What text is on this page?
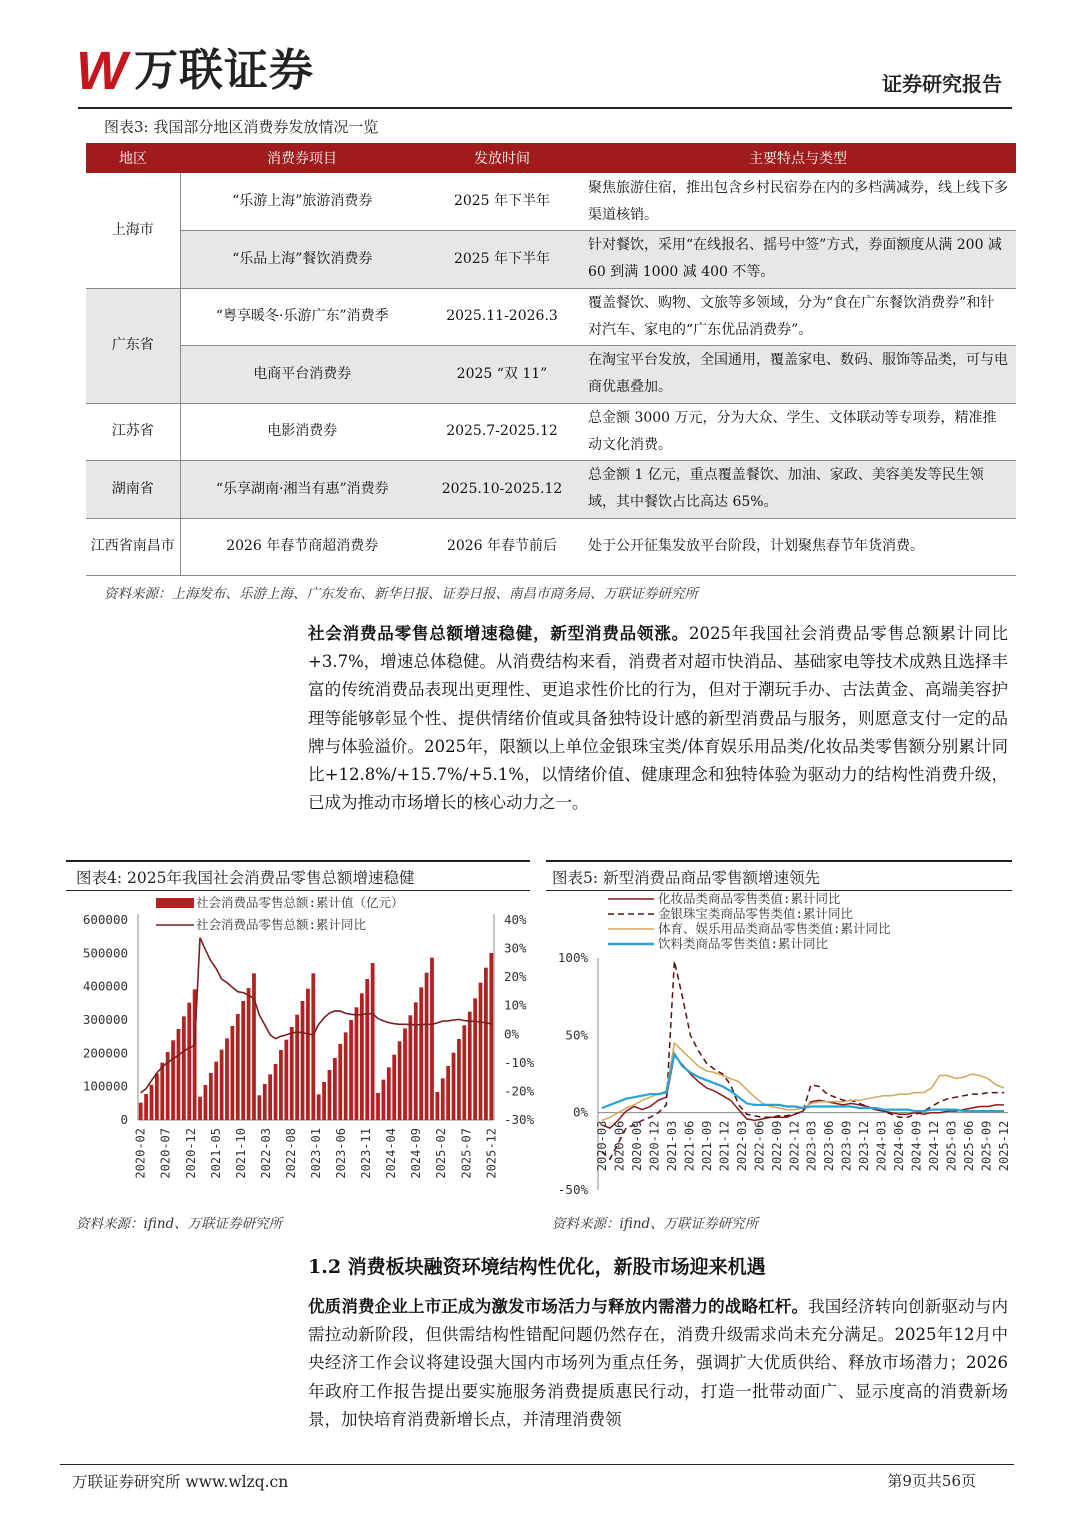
W 万联证券	证券研究报告
图表3: 我国部分地区消费券发放情况一览
地区	消费券项目	发放时间	主要特点与类型
上海市	“乐游上海”旅游消费券	2025 年下半年	聚焦旅游住宿，推出包含乡村民宿券在内的多档满减券，线上线下多渠道核销。
	“乐品上海”餐饮消费券	2025 年下半年	针对餐饮，采用“在线报名、摇号中签”方式，券面额度从满 200 减 60 到满 1000 减 400 不等。
广东省	“粤享暖冬·乐游广东”消费季	2025.11-2026.3	覆盖餐饮、购物、文旅等多领域，分为“食在广东餐饮消费券”和针对汽车、家电的“广东优品消费券”。
	电商平台消费券	2025 “双 11”	在淘宝平台发放，全国通用，覆盖家电、数码、服饰等品类，可与电商优惠叠加。
江苏省	电影消费券	2025.7-2025.12	总金额 3000 万元，分为大众、学生、文体联动等专项券，精准推动文化消费。
湖南省	“乐享湖南·湘当有惠”消费券	2025.10-2025.12	总金额 1 亿元，重点覆盖餐饮、加油、家政、美容美发等民生领域，其中餐饮占比高达 65%。
江西省南昌市	2026 年春节商超消费券	2026 年春节前后	处于公开征集发放平台阶段，计划聚焦春节年货消费。
资料来源：上海发布、乐游上海、广东发布、新华日报、证券日报、南昌市商务局、万联证券研究所
社会消费品零售总额增速稳健，新型消费品领涨。2025年我国社会消费品零售总额累计同比+3.7%，增速总体稳健。从消费结构来看，消费者对超市快消品、基础家电等技术成熟且选择丰富的传统消费品表现出更理性、更追求性价比的行为，但对于潮玩手办、古法黄金、高端美容护理等能够彰显个性、提供情绪价值或具备独特设计感的新型消费品与服务，则愿意支付一定的品牌与体验溢价。2025年，限额以上单位金银珠宝类/体育娱乐用品类/化妆品类零售额分别累计同比+12.8%/+15.7%/+5.1%，以情绪价值、健康理念和独特体验为驱动力的结构性消费升级，已成为推动市场增长的核心动力之一。
图表4: 2025年我国社会消费品零售总额增速稳健
0
100000
200000
300000
400000
500000
600000
-30%
-20%
-10%
0%
10%
20%
30%
40%
2020-02 2020-07 2020-12 2021-05 2021-10 2022-03 2022-08 2023-01 2023-06 2023-11 2024-04 2024-09 2025-02 2025-07 2025-12
社会消费品零售总额:累计值（亿元）
社会消费品零售总额:累计同比
资料来源：ifind、万联证券研究所
图表5: 新型消费品商品零售额增速领先
-50%
0%
50%
100%
化妆品类商品零售类值:累计同比
金银珠宝类商品零售类值:累计同比
体育、娱乐用品类商品零售类值:累计同比
饮料类商品零售类值:累计同比
2020-03 2020-06 2020-09 2020-12 2021-03 2021-06 2021-09 2021-12 2022-03 2022-06 2022-09 2022-12 2023-03 2023-06 2023-09 2023-12 2024-03 2024-06 2024-09 2024-12 2025-03 2025-06 2025-09 2025-12
资料来源：ifind、万联证券研究所
1.2 消费板块融资环境结构性优化，新股市场迎来机遇
优质消费企业上市正成为激发市场活力与释放内需潜力的战略杠杆。我国经济转向创新驱动与内需拉动新阶段，但供需结构性错配问题仍然存在，消费升级需求尚未充分满足。2025年12月中央经济工作会议将建设强大国内市场列为重点任务，强调扩大优质供给、释放市场潜力；2026年政府工作报告提出要实施服务消费提质惠民行动，打造一批带动面广、显示度高的消费新场景，加快培育消费新增长点，并清理消费领
万联证券研究所 www.wlzq.cn	第9页共56页
